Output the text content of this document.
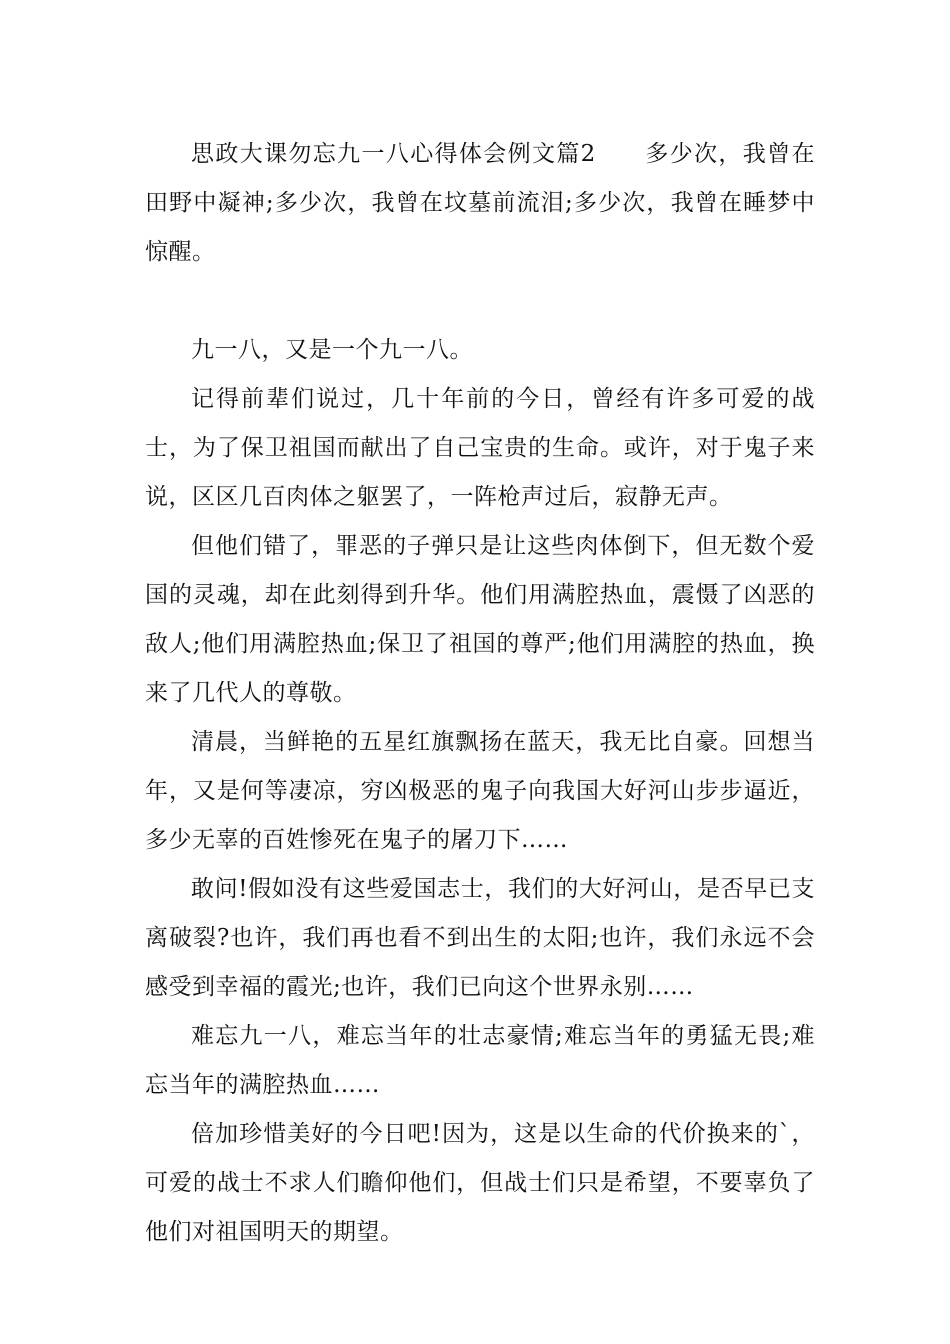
思政大课勿忘九一八心得体会例文篇2　　多少次，我曾在田野中凝神;多少次，我曾在坟墓前流泪;多少次，我曾在睡梦中惊醒。

九一八，又是一个九一八。

记得前辈们说过，几十年前的今日，曾经有许多可爱的战士，为了保卫祖国而献出了自己宝贵的生命。或许，对于鬼子来说，区区几百肉体之躯罢了，一阵枪声过后，寂静无声。

但他们错了，罪恶的子弹只是让这些肉体倒下，但无数个爱国的灵魂，却在此刻得到升华。他们用满腔热血，震慑了凶恶的敌人;他们用满腔热血;保卫了祖国的尊严;他们用满腔的热血，换来了几代人的尊敬。

清晨，当鲜艳的五星红旗飘扬在蓝天，我无比自豪。回想当年，又是何等凄凉，穷凶极恶的鬼子向我国大好河山步步逼近，多少无辜的百姓惨死在鬼子的屠刀下……

敢问!假如没有这些爱国志士，我们的大好河山，是否早已支离破裂?也许，我们再也看不到出生的太阳;也许，我们永远不会感受到幸福的霞光;也许，我们已向这个世界永别……

难忘九一八，难忘当年的壮志豪情;难忘当年的勇猛无畏;难忘当年的满腔热血……

倍加珍惜美好的今日吧!因为，这是以生命的代价换来的`，可爱的战士不求人们瞻仰他们，但战士们只是希望，不要辜负了他们对祖国明天的期望。
